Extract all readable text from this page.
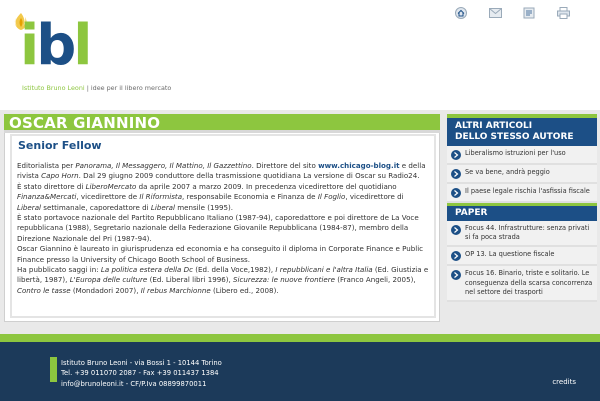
ibl
Istituto Bruno Leoni | idee per il libero mercato
OSCAR GIANNINO
Senior Fellow

Editorialista per Panorama, Il Messaggero, Il Mattino, Il Gazzettino. Direttore del sito www.chicago-blog.it e della rivista Capo Horn. Dal 29 giugno 2009 conduttore della trasmissione quotidiana La versione di Oscar su Radio24.

È stato direttore di LiberoMercato da aprile 2007 a marzo 2009. In precedenza vicedirettore del quotidiano Finanza&Mercati, vicedirettore de Il Riformista, responsabile Economia e Finanza de Il Foglio, vicedirettore di Liberal settimanale, caporedattore di Liberal mensile (1995).

È stato portavoce nazionale del Partito Repubblicano Italiano (1987-94), caporedattore e poi direttore de La Voce repubblicana (1988), Segretario nazionale della Federazione Giovanile Repubblicana (1984-87), membro della Direzione Nazionale del Pri (1987-94).

Oscar Giannino è laureato in giurisprudenza ed economia e ha conseguito il diploma in Corporate Finance e Public Finance presso la University of Chicago Booth School of Business.

Ha pubblicato saggi in: La politica estera della Dc (Ed. della Voce,1982), I repubblicani e l'altra Italia (Ed. Giustizia e libertà, 1987), L'Europa delle culture (Ed. Liberal libri 1996), Sicurezza: le nuove frontiere (Franco Angeli, 2005), Contro le tasse (Mondadori 2007), Il rebus Marchionne (Libero ed., 2008).

ALTRI ARTICOLI
DELLO STESSO AUTORE
Liberalismo istruzioni per l'uso
Se va bene, andrà peggio
Il paese legale rischia l'asfissia fiscale
PAPER
Focus 44. Infrastrutture: senza privati si fa poca strada
OP 13. La questione fiscale
Focus 16. Binario, triste e solitario. Le conseguenza della scarsa concorrenza nel settore dei trasporti
Istituto Bruno Leoni - via Bossi 1 - 10144 Torino
Tel. +39 011070 2087 - Fax +39 011437 1384
info@brunoleoni.it - CF/P.Iva 08899870011	credits
